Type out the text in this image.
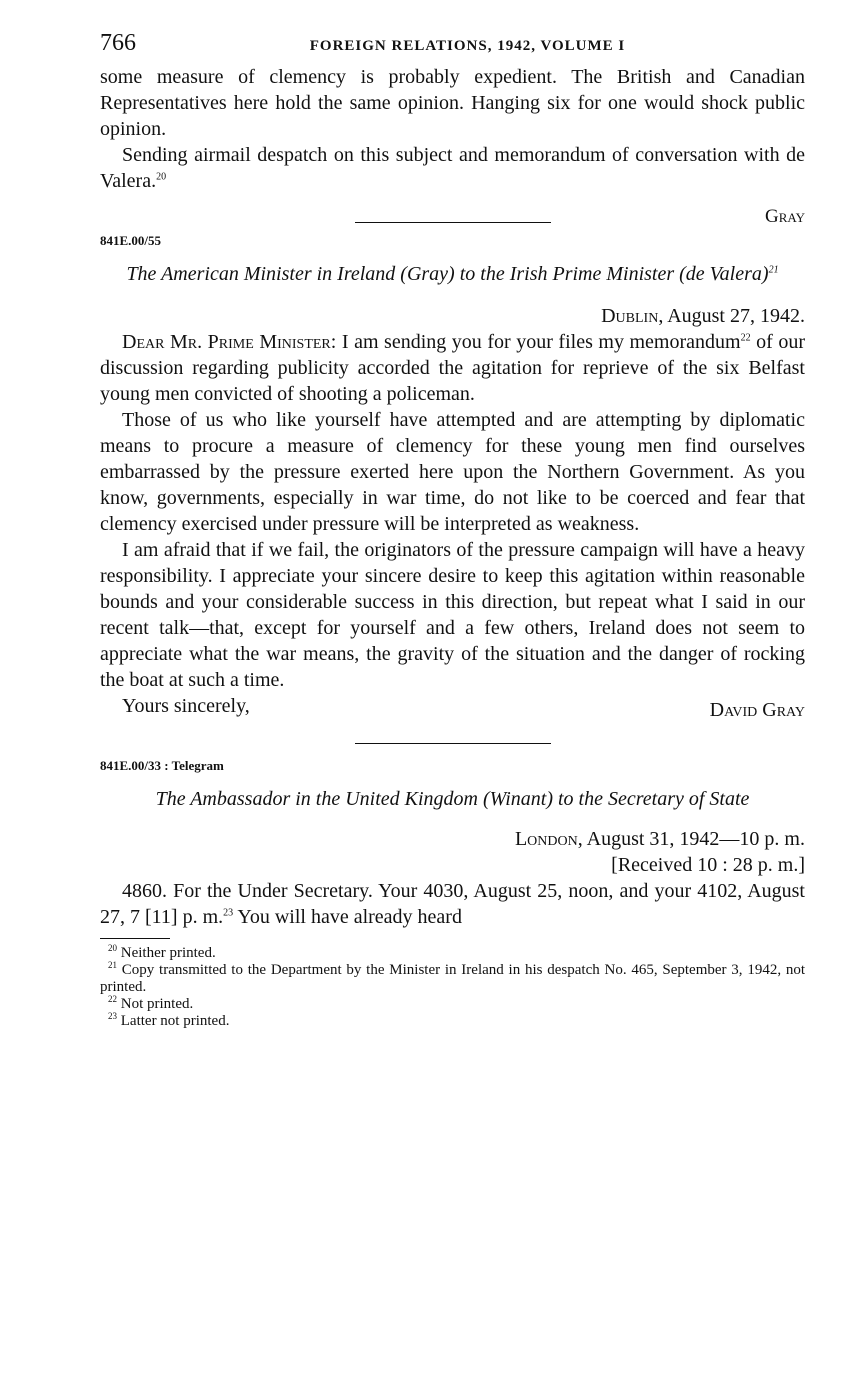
766	FOREIGN RELATIONS, 1942, VOLUME I

some measure of clemency is probably expedient. The British and Canadian Representatives here hold the same opinion. Hanging six for one would shock public opinion.

Sending airmail despatch on this subject and memorandum of conversation with de Valera.$^{20}$

Gray
841E.00/55
The American Minister in Ireland (Gray) to the Irish Prime Minister (de Valera)$^{21}$
Dublin, August 27, 1942.

Dear Mr. Prime Minister: I am sending you for your files my memorandum$^{22}$ of our discussion regarding publicity accorded the agitation for reprieve of the six Belfast young men convicted of shooting a policeman.

Those of us who like yourself have attempted and are attempting by diplomatic means to procure a measure of clemency for these young men find ourselves embarrassed by the pressure exerted here upon the Northern Government. As you know, governments, especially in war time, do not like to be coerced and fear that clemency exercised under pressure will be interpreted as weakness.

I am afraid that if we fail, the originators of the pressure campaign will have a heavy responsibility. I appreciate your sincere desire to keep this agitation within reasonable bounds and your considerable success in this direction, but repeat what I said in our recent talk—that, except for yourself and a few others, Ireland does not seem to appreciate what the war means, the gravity of the situation and the danger of rocking the boat at such a time.

Yours sincerely,	David Gray
841E.00/33 : Telegram
The Ambassador in the United Kingdom (Winant) to the Secretary of State
London, August 31, 1942—10 p. m.
[Received 10 : 28 p. m.]

4860. For the Under Secretary. Your 4030, August 25, noon, and your 4102, August 27, 7 [11] p. m.$^{23}$ You will have already heard

$^{20}$ Neither printed.
$^{21}$ Copy transmitted to the Department by the Minister in Ireland in his despatch No. 465, September 3, 1942, not printed.
$^{22}$ Not printed.
$^{23}$ Latter not printed.
